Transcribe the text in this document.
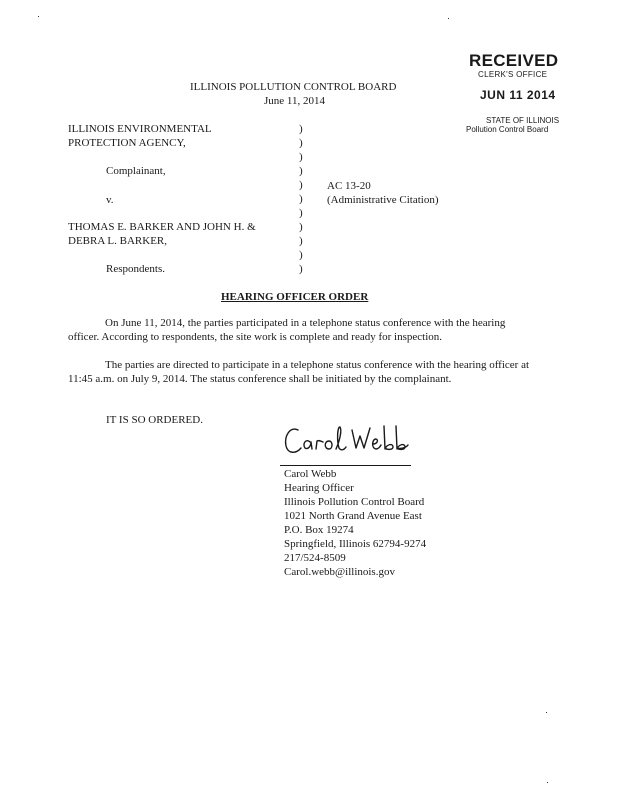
RECEIVED
CLERK'S OFFICE
JUN 11 2014
STATE OF ILLINOIS
Pollution Control Board
ILLINOIS POLLUTION CONTROL BOARD
June 11, 2014
ILLINOIS ENVIRONMENTAL
PROTECTION AGENCY,
Complainant,
v.
THOMAS E. BARKER AND JOHN H. &
DEBRA L. BARKER,
Respondents.
)
)
)
)
)
)
)
)
)
)
)
AC 13-20
(Administrative Citation)
HEARING OFFICER ORDER
On June 11, 2014, the parties participated in a telephone status conference with the hearing officer. According to respondents, the site work is complete and ready for inspection.
The parties are directed to participate in a telephone status conference with the hearing officer at 11:45 a.m. on July 9, 2014. The status conference shall be initiated by the complainant.
IT IS SO ORDERED.
Carol Webb
Hearing Officer
Illinois Pollution Control Board
1021 North Grand Avenue East
P.O. Box 19274
Springfield, Illinois 62794-9274
217/524-8509
Carol.webb@illinois.gov
